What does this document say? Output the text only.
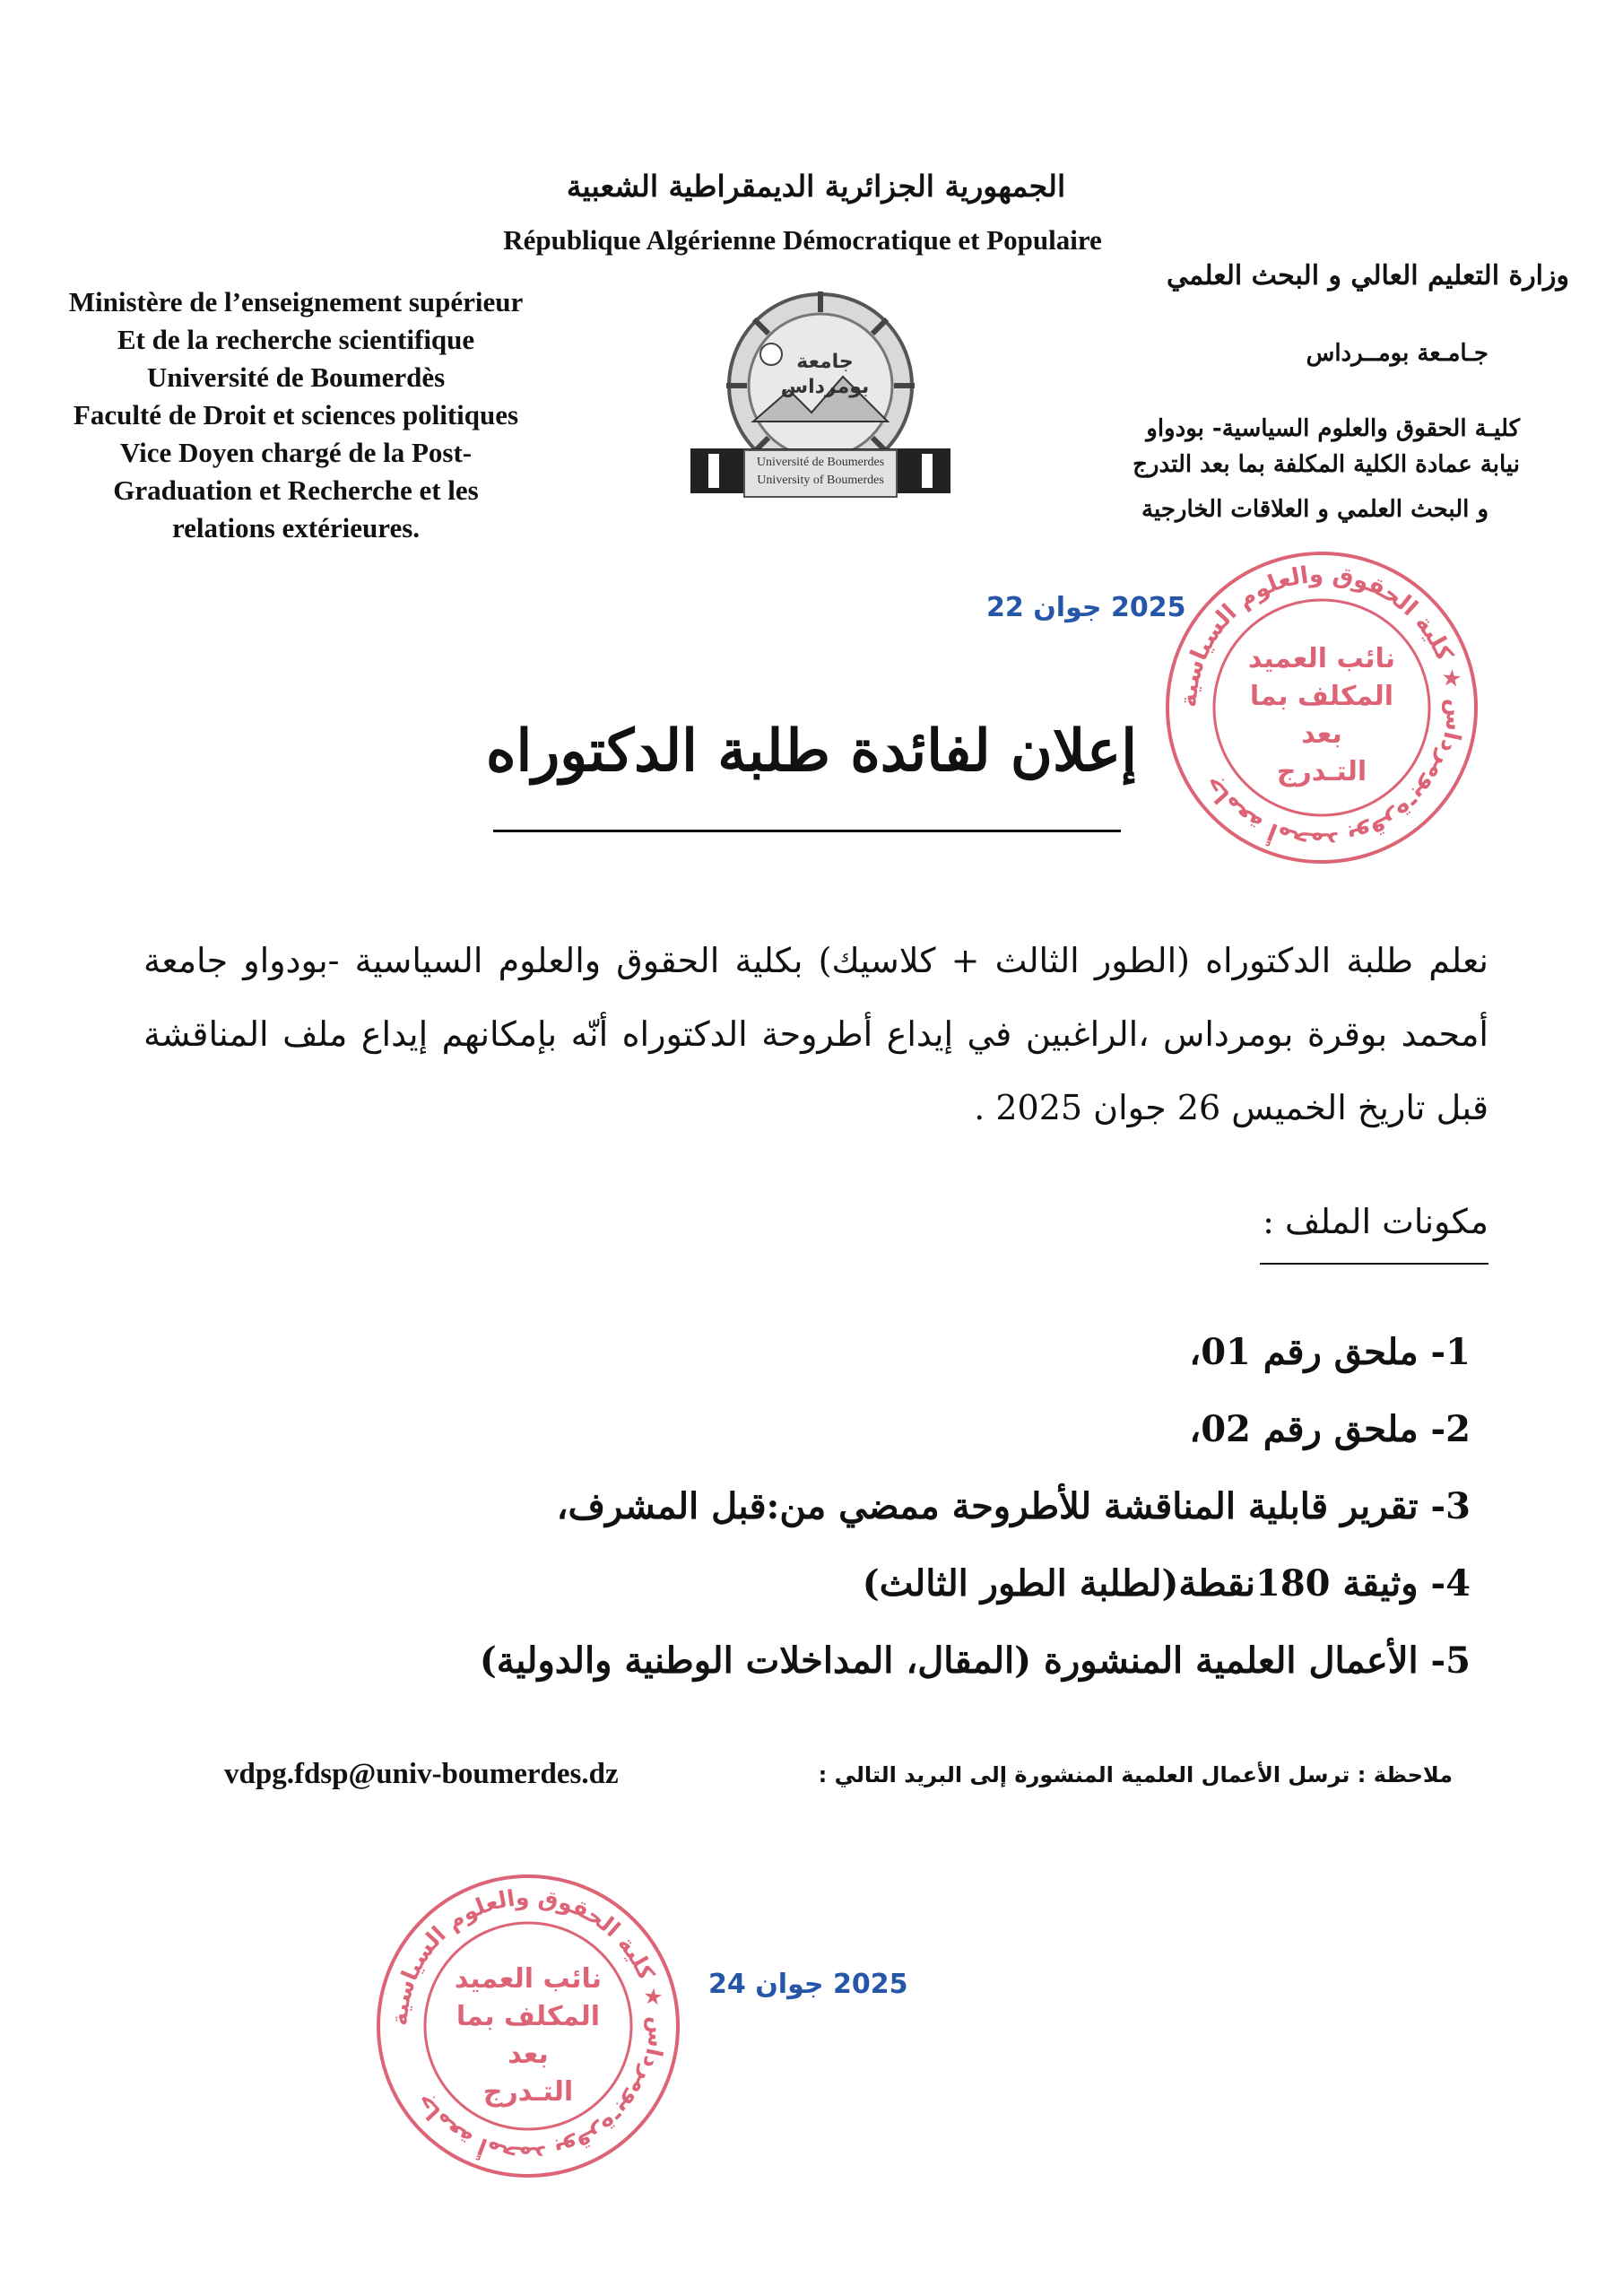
الجمهورية الجزائرية الديمقراطية الشعبية
République Algérienne Démocratique et Populaire
Ministère de l’enseignement supérieur
Et de la recherche scientifique
Université de Boumerdès
Faculté de Droit et sciences politiques
Vice Doyen chargé de la Post-
Graduation et Recherche et les
relations extérieures.
جامعة بومرداس
Université de Boumerdes
University of Boumerdes
وزارة التعليم العالي و البحث العلمي
جـامـعة بومــرداس
كليـة الحقوق والعلوم السياسية- بودواو
نيابة عمادة الكلية المكلفة بما بعد التدرج
و البحث العلمي و العلاقات الخارجية
2025 جوان 22
جامعة أمحمد بوقرة-بومرداس ★ كلية الحقوق والعلوم السياسية
نائب العميد
المكلف بما بعد
التـدرج
إعلان لفائدة طلبة الدكتوراه
نعلم طلبة الدكتوراه (الطور الثالث + كلاسيك) بكلية الحقوق والعلوم السياسية -بودواو جامعة أمحمد بوقرة بومرداس ،الراغبين في إيداع أطروحة الدكتوراه أنّه بإمكانهم إيداع ملف المناقشة قبل تاريخ الخميس 26 جوان 2025 .
مكونات الملف :
1- ملحق رقم 01،
2- ملحق رقم 02،
3- تقرير قابلية المناقشة للأطروحة ممضي من:قبل المشرف،
4- وثيقة 180نقطة(لطلبة الطور الثالث)
5- الأعمال العلمية المنشورة (المقال، المداخلات الوطنية والدولية)
ملاحظة : ترسل الأعمال العلمية المنشورة إلى البريد التالي :
vdpg.fdsp@univ-boumerdes.dz
جامعة أمحمد بوقرة-بومرداس ★ كلية الحقوق والعلوم السياسية
نائب العميد
المكلف بما بعد
التـدرج
2025 جوان 24
